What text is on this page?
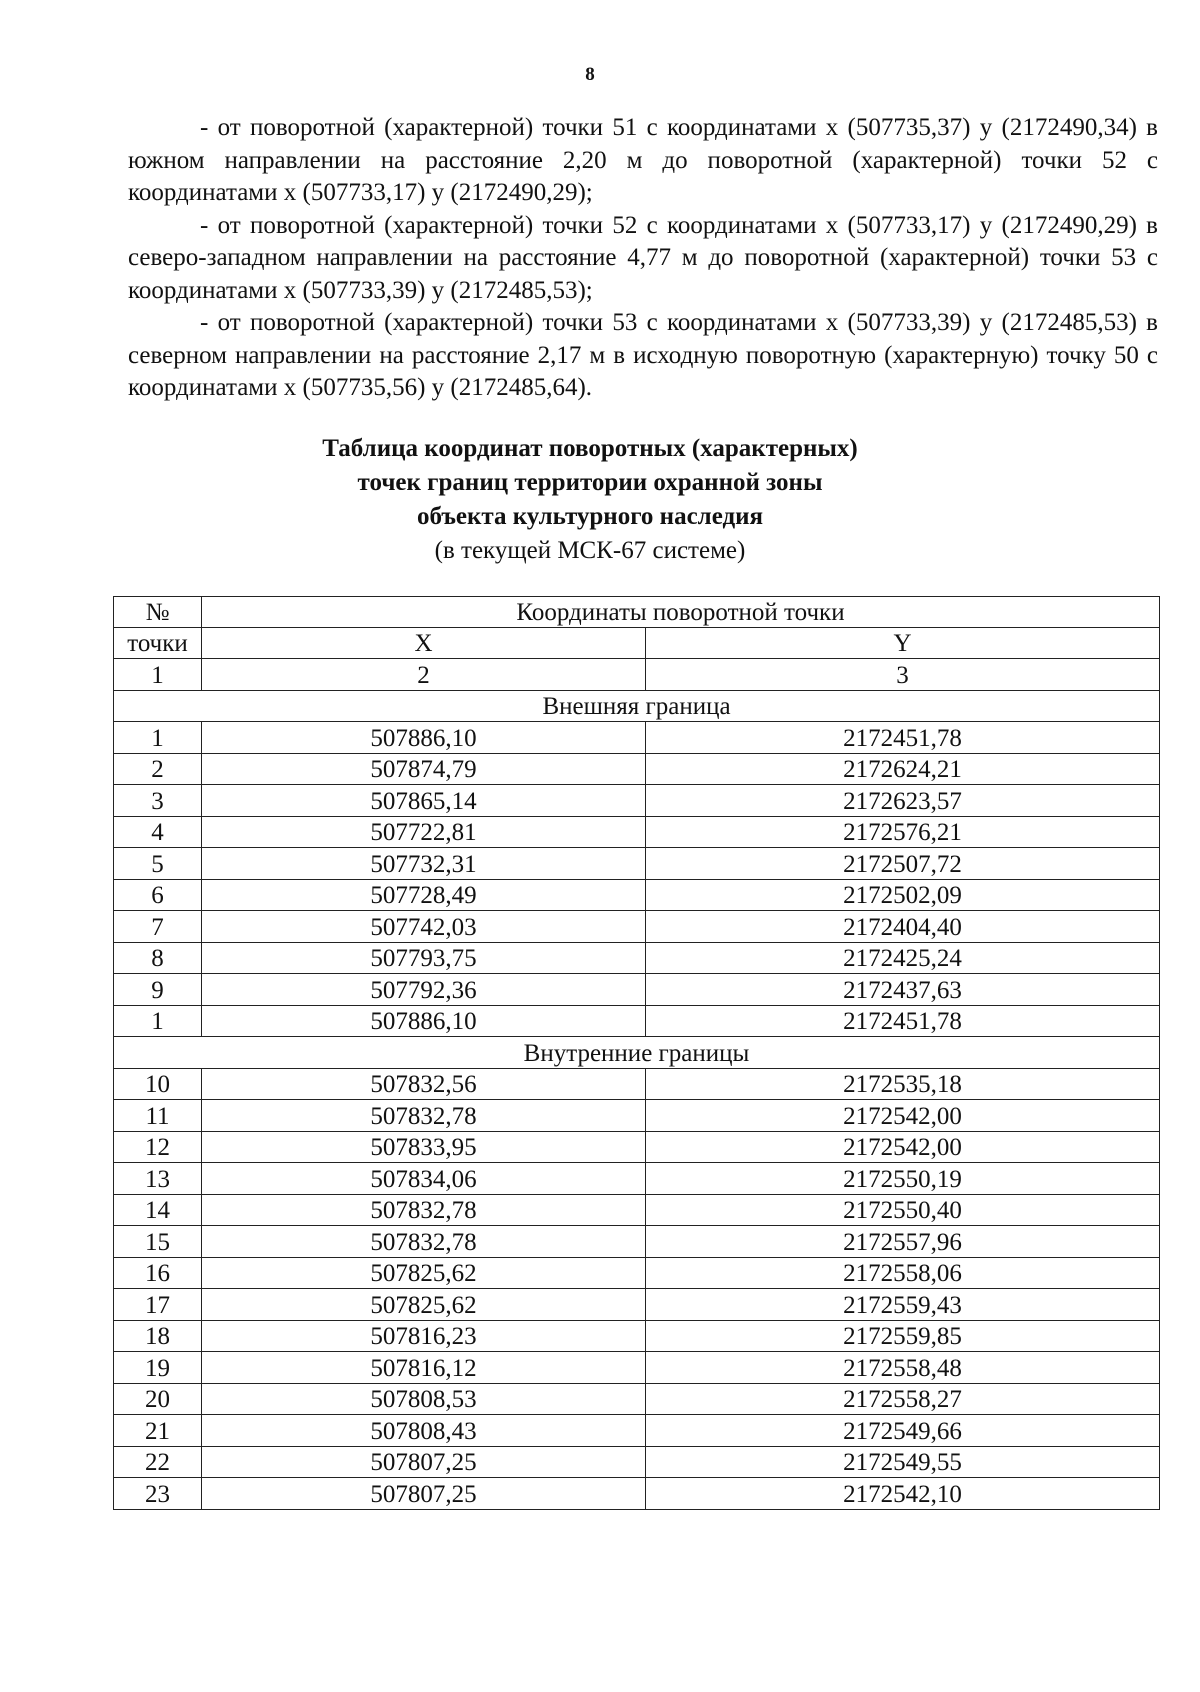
8

- от поворотной (характерной) точки 51 с координатами x (507735,37) y (2172490,34) в южном направлении на расстояние 2,20 м до поворотной (характерной) точки 52 с координатами x (507733,17) y (2172490,29);

- от поворотной (характерной) точки 52 с координатами x (507733,17) y (2172490,29) в северо-западном направлении на расстояние 4,77 м до поворотной (характерной) точки 53 с координатами x (507733,39) y (2172485,53);

- от поворотной (характерной) точки 53 с координатами x (507733,39) y (2172485,53) в северном направлении на расстояние 2,17 м в исходную поворотную (характерную) точку 50 с координатами x (507735,56) y (2172485,64).

Таблица координат поворотных (характерных)
точек границ территории охранной зоны
объекта культурного наследия
(в текущей МСК-67 системе)
№	Координаты поворотной точки	
точки	X	Y
1	2	3
Внешняя граница		
1	507886,10	2172451,78
2	507874,79	2172624,21
3	507865,14	2172623,57
4	507722,81	2172576,21
5	507732,31	2172507,72
6	507728,49	2172502,09
7	507742,03	2172404,40
8	507793,75	2172425,24
9	507792,36	2172437,63
1	507886,10	2172451,78
Внутренние границы		
10	507832,56	2172535,18
11	507832,78	2172542,00
12	507833,95	2172542,00
13	507834,06	2172550,19
14	507832,78	2172550,40
15	507832,78	2172557,96
16	507825,62	2172558,06
17	507825,62	2172559,43
18	507816,23	2172559,85
19	507816,12	2172558,48
20	507808,53	2172558,27
21	507808,43	2172549,66
22	507807,25	2172549,55
23	507807,25	2172542,10
